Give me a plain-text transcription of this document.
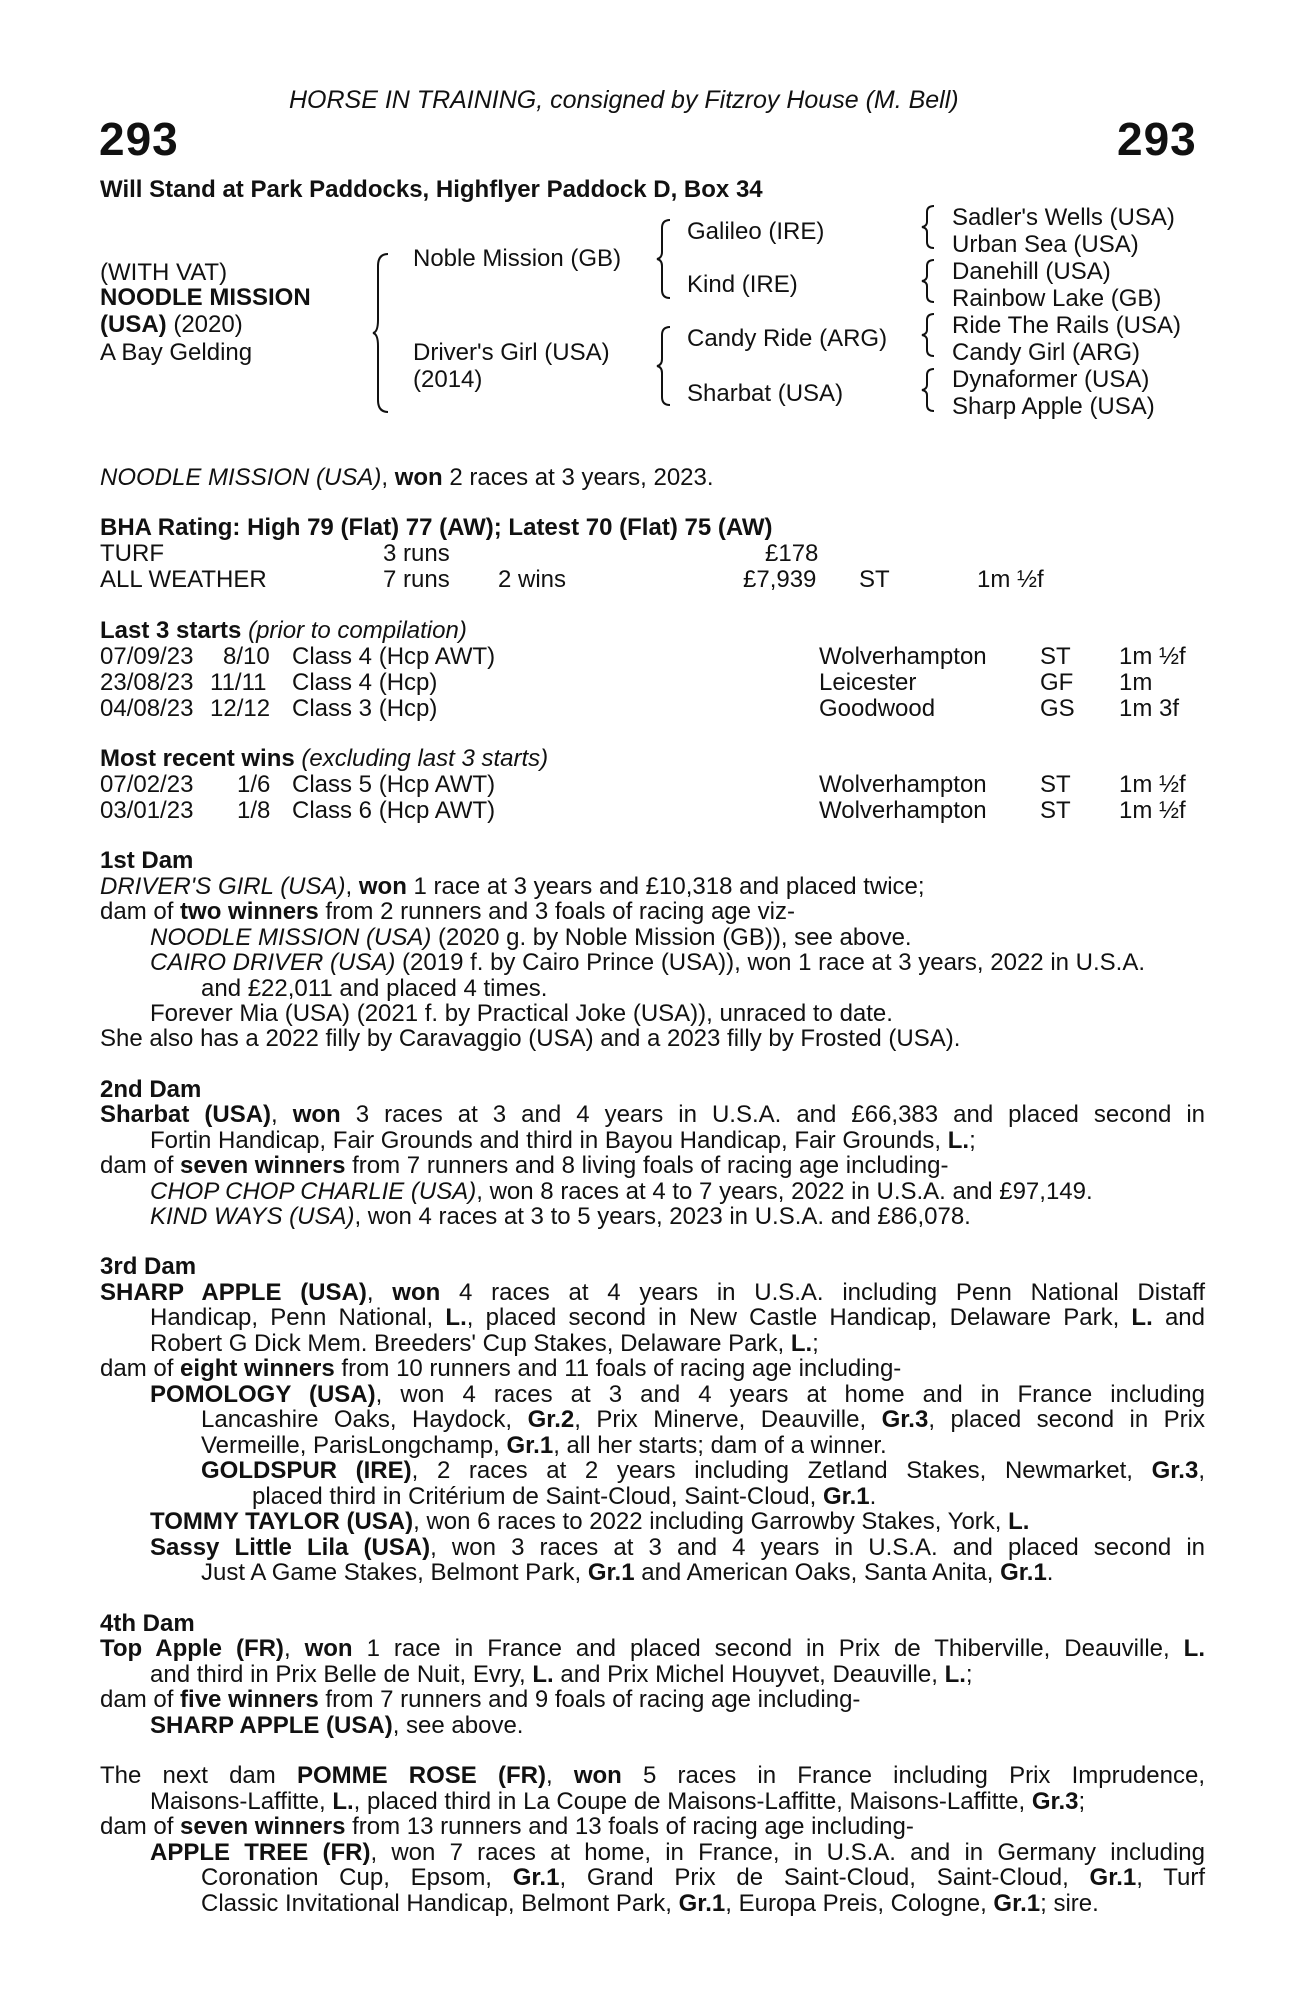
HORSE IN TRAINING, consigned by Fitzroy House (M. Bell)
293	293
Will Stand at Park Paddocks, Highflyer Paddock D, Box 34
(WITH VAT)
NOODLE MISSION
(USA) (2020)
A Bay Gelding
Noble Mission (GB)
Driver's Girl (USA)
(2014)
Galileo (IRE)
Kind (IRE)
Candy Ride (ARG)
Sharbat (USA)
Sadler's Wells (USA)
Urban Sea (USA)
Danehill (USA)
Rainbow Lake (GB)
Ride The Rails (USA)
Candy Girl (ARG)
Dynaformer (USA)
Sharp Apple (USA)
NOODLE MISSION (USA), won 2 races at 3 years, 2023.
BHA Rating: High 79 (Flat) 77 (AW); Latest 70 (Flat) 75 (AW)
TURF	3 runs	£178
ALL WEATHER	7 runs 2 wins	£7,939 ST	1m ½f
Last 3 starts (prior to compilation)
07/09/23 8/10 Class 4 (Hcp AWT)	Wolverhampton ST 1m ½f
23/08/23 11/11 Class 4 (Hcp)	Leicester	GF 1m
04/08/23 12/12 Class 3 (Hcp)	Goodwood	GS 1m 3f
Most recent wins (excluding last 3 starts)
07/02/23 1/6 Class 5 (Hcp AWT)	Wolverhampton ST 1m ½f
03/01/23 1/8 Class 6 (Hcp AWT)	Wolverhampton ST 1m ½f
1st Dam
DRIVER'S GIRL (USA), won 1 race at 3 years and £10,318 and placed twice;
dam of two winners from 2 runners and 3 foals of racing age viz-
NOODLE MISSION (USA) (2020 g. by Noble Mission (GB)), see above.
CAIRO DRIVER (USA) (2019 f. by Cairo Prince (USA)), won 1 race at 3 years, 2022 in U.S.A.
and £22,011 and placed 4 times.
Forever Mia (USA) (2021 f. by Practical Joke (USA)), unraced to date.
She also has a 2022 filly by Caravaggio (USA) and a 2023 filly by Frosted (USA).
2nd Dam
Sharbat (USA), won 3 races at 3 and 4 years in U.S.A. and £66,383 and placed second in
Fortin Handicap, Fair Grounds and third in Bayou Handicap, Fair Grounds, L.;
dam of seven winners from 7 runners and 8 living foals of racing age including-
CHOP CHOP CHARLIE (USA), won 8 races at 4 to 7 years, 2022 in U.S.A. and £97,149.
KIND WAYS (USA), won 4 races at 3 to 5 years, 2023 in U.S.A. and £86,078.
3rd Dam
SHARP APPLE (USA), won 4 races at 4 years in U.S.A. including Penn National Distaff
Handicap, Penn National, L., placed second in New Castle Handicap, Delaware Park, L. and
Robert G Dick Mem. Breeders' Cup Stakes, Delaware Park, L.;
dam of eight winners from 10 runners and 11 foals of racing age including-
POMOLOGY (USA), won 4 races at 3 and 4 years at home and in France including
Lancashire Oaks, Haydock, Gr.2, Prix Minerve, Deauville, Gr.3, placed second in Prix
Vermeille, ParisLongchamp, Gr.1, all her starts; dam of a winner.
GOLDSPUR (IRE), 2 races at 2 years including Zetland Stakes, Newmarket, Gr.3,
placed third in Critérium de Saint-Cloud, Saint-Cloud, Gr.1.
TOMMY TAYLOR (USA), won 6 races to 2022 including Garrowby Stakes, York, L.
Sassy Little Lila (USA), won 3 races at 3 and 4 years in U.S.A. and placed second in
Just A Game Stakes, Belmont Park, Gr.1 and American Oaks, Santa Anita, Gr.1.
4th Dam
Top Apple (FR), won 1 race in France and placed second in Prix de Thiberville, Deauville, L.
and third in Prix Belle de Nuit, Evry, L. and Prix Michel Houyvet, Deauville, L.;
dam of five winners from 7 runners and 9 foals of racing age including-
SHARP APPLE (USA), see above.
The next dam POMME ROSE (FR), won 5 races in France including Prix Imprudence,
Maisons-Laffitte, L., placed third in La Coupe de Maisons-Laffitte, Maisons-Laffitte, Gr.3;
dam of seven winners from 13 runners and 13 foals of racing age including-
APPLE TREE (FR), won 7 races at home, in France, in U.S.A. and in Germany including
Coronation Cup, Epsom, Gr.1, Grand Prix de Saint-Cloud, Saint-Cloud, Gr.1, Turf
Classic Invitational Handicap, Belmont Park, Gr.1, Europa Preis, Cologne, Gr.1; sire.
